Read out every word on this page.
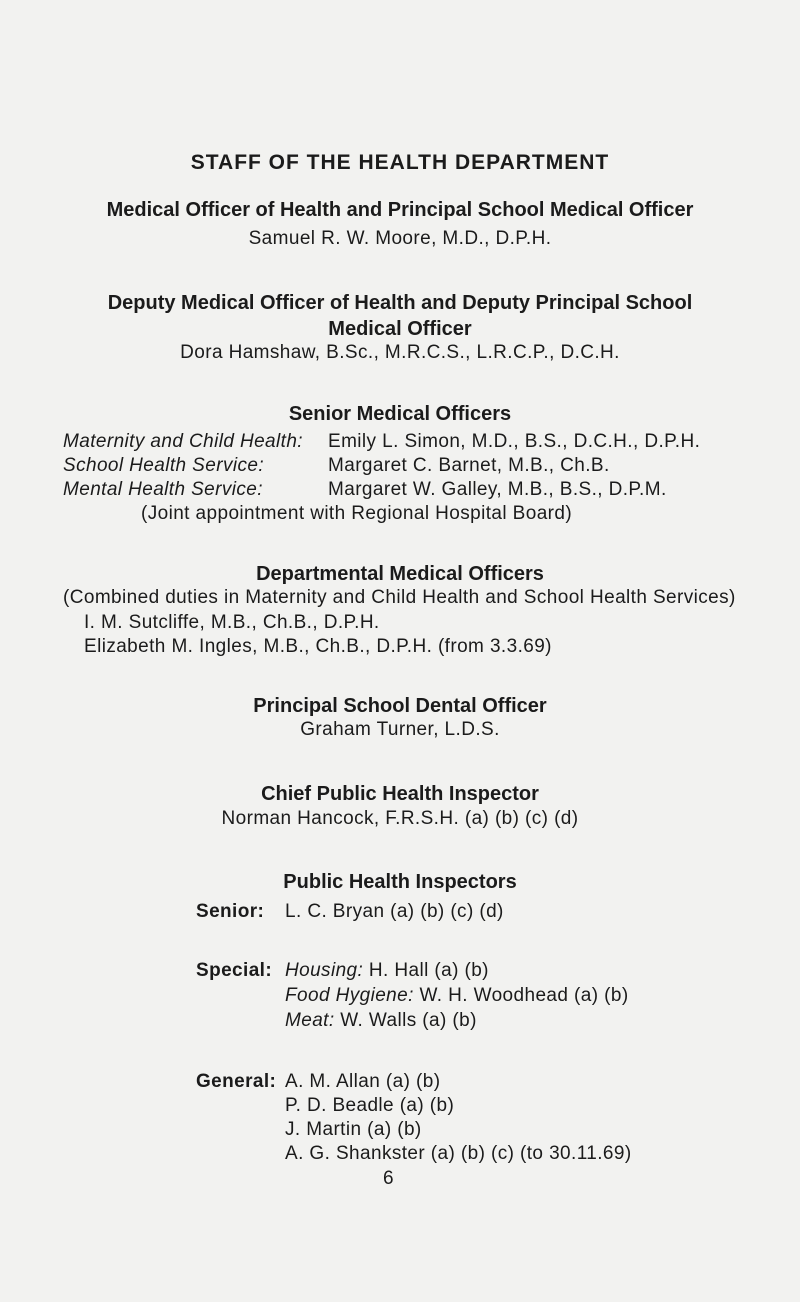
STAFF OF THE HEALTH DEPARTMENT
Medical Officer of Health and Principal School Medical Officer
Samuel R. W. Moore, M.D., D.P.H.
Deputy Medical Officer of Health and Deputy Principal School
Medical Officer
Dora Hamshaw, B.Sc., M.R.C.S., L.R.C.P., D.C.H.
Senior Medical Officers
Maternity and Child Health: Emily L. Simon, M.D., B.S., D.C.H., D.P.H.
School Health Service:	Margaret C. Barnet, M.B., Ch.B.
Mental Health Service:	Margaret W. Galley, M.B., B.S., D.P.M.
(Joint appointment with Regional Hospital Board)
Departmental Medical Officers
(Combined duties in Maternity and Child Health and School Health Services)
I. M. Sutcliffe, M.B., Ch.B., D.P.H.
Elizabeth M. Ingles, M.B., Ch.B., D.P.H. (from 3.3.69)
Principal School Dental Officer
Graham Turner, L.D.S.
Chief Public Health Inspector
Norman Hancock, F.R.S.H. (a) (b) (c) (d)
Public Health Inspectors
Senior: L. C. Bryan (a) (b) (c) (d)
Special: Housing: H. Hall (a) (b)
Food Hygiene: W. H. Woodhead (a) (b)
Meat: W. Walls (a) (b)
General: A. M. Allan (a) (b)
P. D. Beadle (a) (b)
J. Martin (a) (b)
A. G. Shankster (a) (b) (c) (to 30.11.69)
6
